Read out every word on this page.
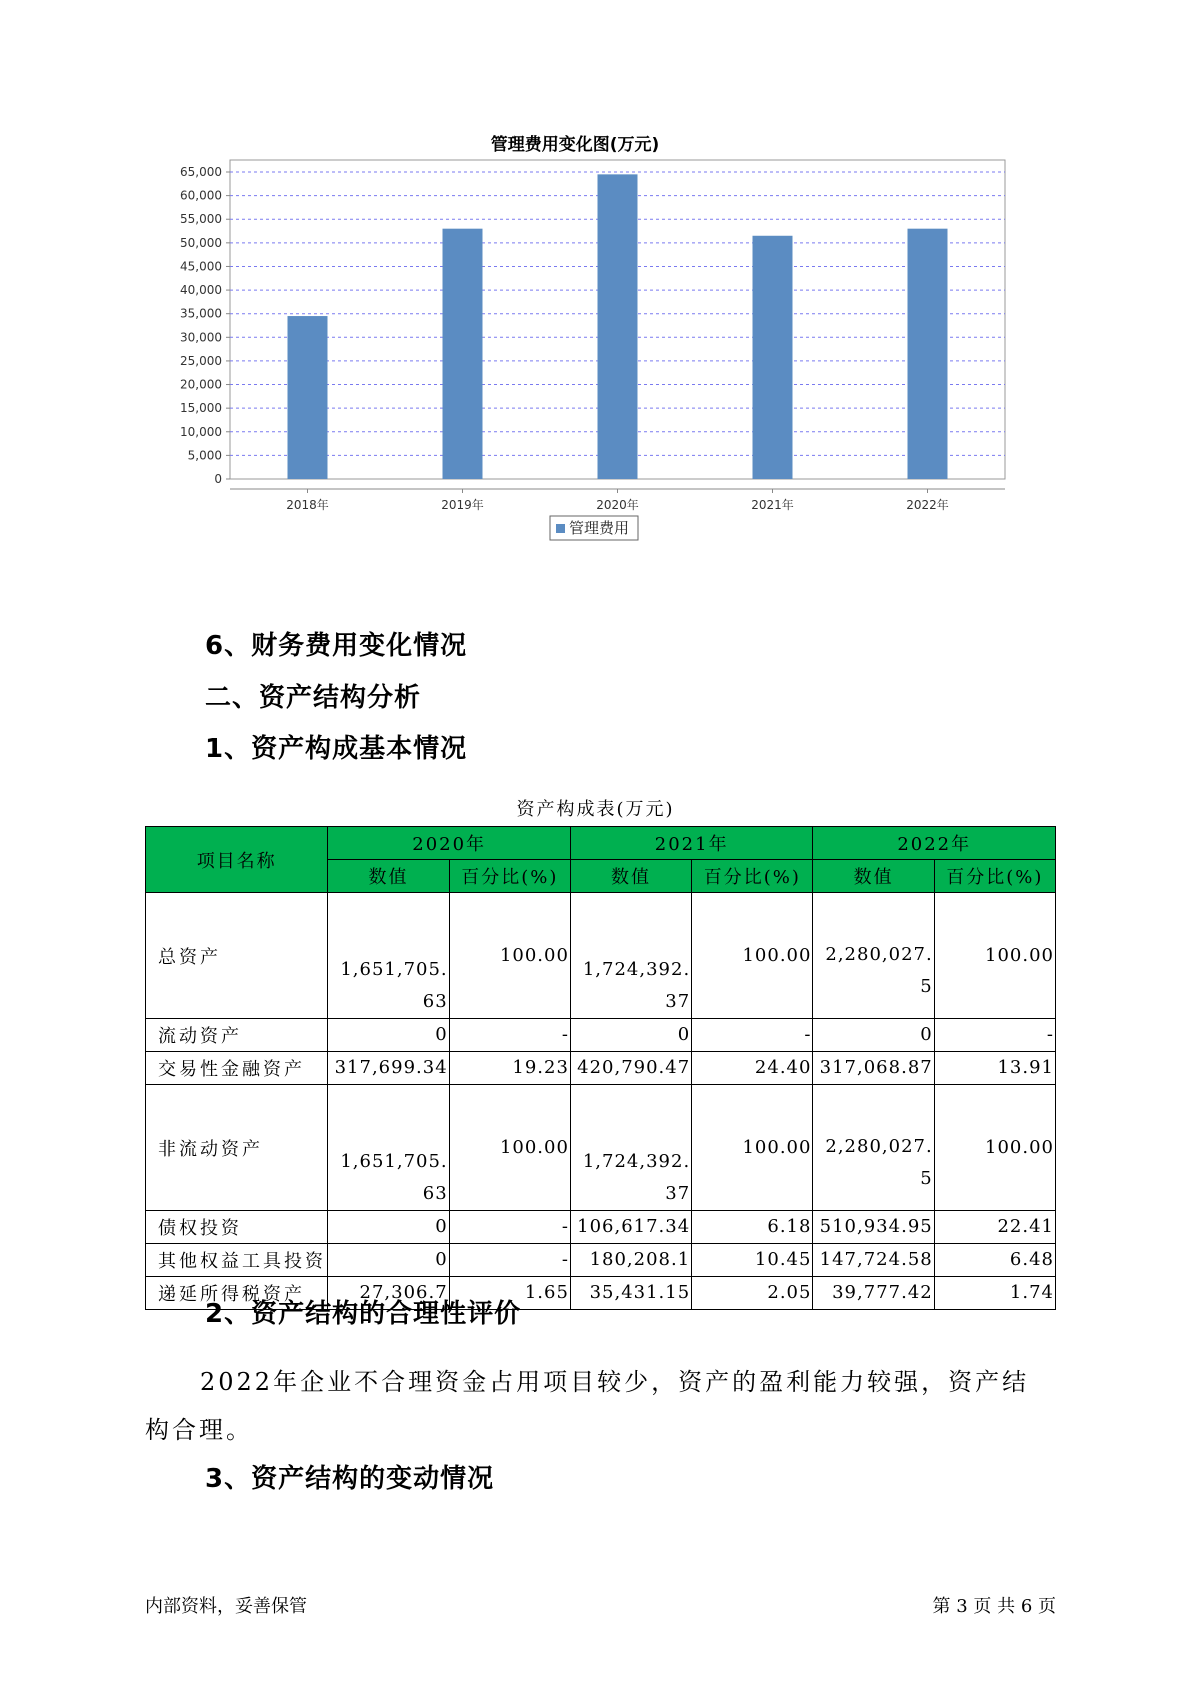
管理费用变化图(万元)
0
5,000
10,000
15,000
20,000
25,000
30,000
35,000
40,000
45,000
50,000
55,000
60,000
65,000
2018年	2019年	2020年	2021年	2022年
管理费用
6、财务费用变化情况
二、资产结构分析
1、资产构成基本情况
资产构成表(万元)
项目名称	2020年		2021年		2022年	
	数值	百分比(%)	数值	百分比(%)	数值	百分比(%)
总资产	1,651,705.63	100.00	1,724,392.37	100.00	2,280,027.5	100.00
流动资产	0	-	0	-	0	-
交易性金融资产	317,699.34	19.23	420,790.47	24.40	317,068.87	13.91
非流动资产	1,651,705.63	100.00	1,724,392.37	100.00	2,280,027.5	100.00
债权投资	0	-	106,617.34	6.18	510,934.95	22.41
其他权益工具投资	0	-	180,208.1	10.45	147,724.58	6.48
递延所得税资产	27,306.7	1.65	35,431.15	2.05	39,777.42	1.74
2、资产结构的合理性评价

2022年企业不合理资金占用项目较少，资产的盈利能力较强，资产结构合理。

3、资产结构的变动情况
内部资料，妥善保管	第 3 页 共 6 页
